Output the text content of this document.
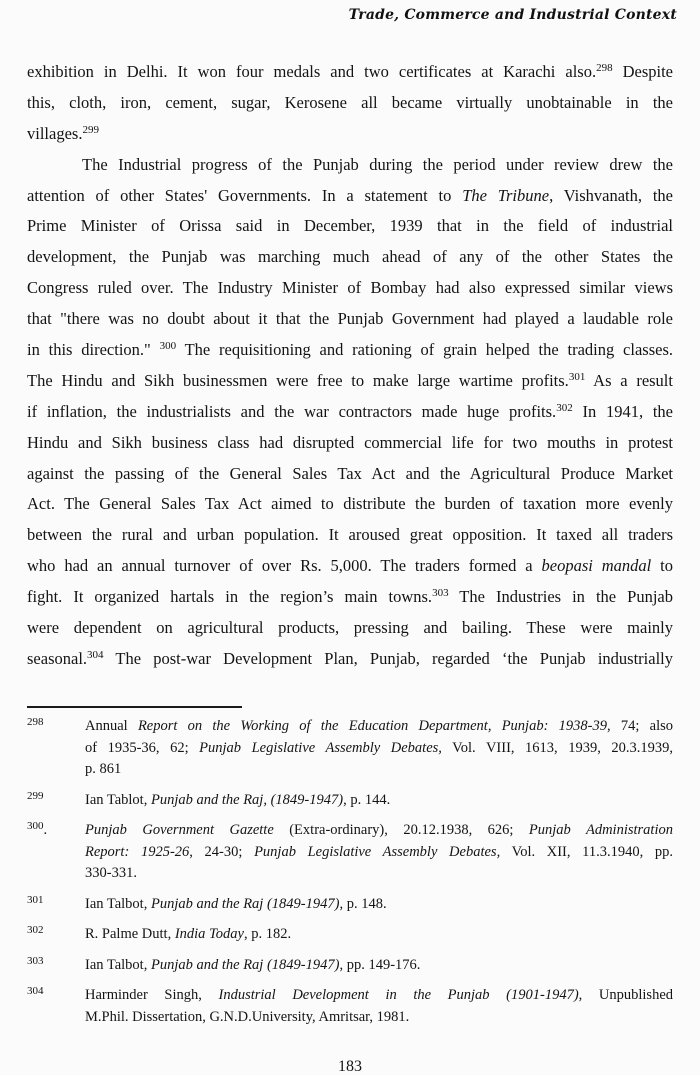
Trade, Commerce and Industrial Context
exhibition in Delhi. It won four medals and two certificates at Karachi also.$^{298}$ Despite
this, cloth, iron, cement, sugar, Kerosene all became virtually unobtainable in the
villages.$^{299}$
The Industrial progress of the Punjab during the period under review drew the
attention of other States' Governments. In a statement to The Tribune, Vishvanath, the
Prime Minister of Orissa said in December, 1939 that in the field of industrial
development, the Punjab was marching much ahead of any of the other States the
Congress ruled over. The Industry Minister of Bombay had also expressed similar views
that "there was no doubt about it that the Punjab Government had played a laudable role
in this direction." $^{300}$ The requisitioning and rationing of grain helped the trading classes.
The Hindu and Sikh businessmen were free to make large wartime profits.$^{301}$ As a result
if inflation, the industrialists and the war contractors made huge profits.$^{302}$ In 1941, the
Hindu and Sikh business class had disrupted commercial life for two mouths in protest
against the passing of the General Sales Tax Act and the Agricultural Produce Market
Act. The General Sales Tax Act aimed to distribute the burden of taxation more evenly
between the rural and urban population. It aroused great opposition. It taxed all traders
who had an annual turnover of over Rs. 5,000. The traders formed a beopasi mandal to
fight. It organized hartals in the region’s main towns.$^{303}$ The Industries in the Punjab
were dependent on agricultural products, pressing and bailing. These were mainly
seasonal.$^{304}$ The post-war Development Plan, Punjab, regarded ‘the Punjab industrially
$^{298}$	Annual Report on the Working of the Education Department, Punjab: 1938-39, 74; also
of 1935-36, 62; Punjab Legislative Assembly Debates, Vol. VIII, 1613, 1939, 20.3.1939,
p. 861
$^{299}$	Ian Tablot, Punjab and the Raj, (1849-1947), p. 144.
$^{300}$.	Punjab Government Gazette (Extra-ordinary), 20.12.1938, 626; Punjab Administration
Report: 1925-26, 24-30; Punjab Legislative Assembly Debates, Vol. XII, 11.3.1940, pp.
330-331.
$^{301}$	Ian Talbot, Punjab and the Raj (1849-1947), p. 148.
$^{302}$	R. Palme Dutt, India Today, p. 182.
$^{303}$	Ian Talbot, Punjab and the Raj (1849-1947), pp. 149-176.
$^{304}$	Harminder Singh, Industrial Development in the Punjab (1901-1947), Unpublished
M.Phil. Dissertation, G.N.D.University, Amritsar, 1981.
183
